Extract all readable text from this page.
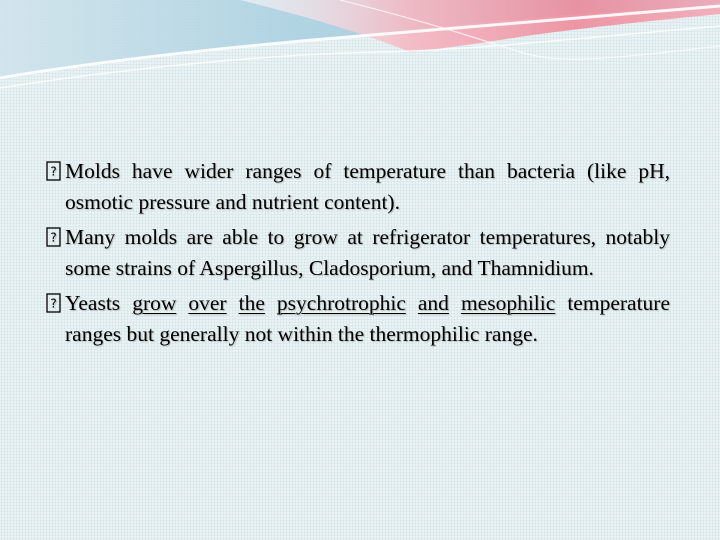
? Molds have wider ranges of temperature than bacteria (like pH, osmotic pressure and nutrient content).
? Many molds are able to grow at refrigerator temperatures, notably some strains of Aspergillus, Cladosporium, and Thamnidium.
? Yeasts grow over the psychrotrophic and mesophilic temperature ranges but generally not within the thermophilic range.
